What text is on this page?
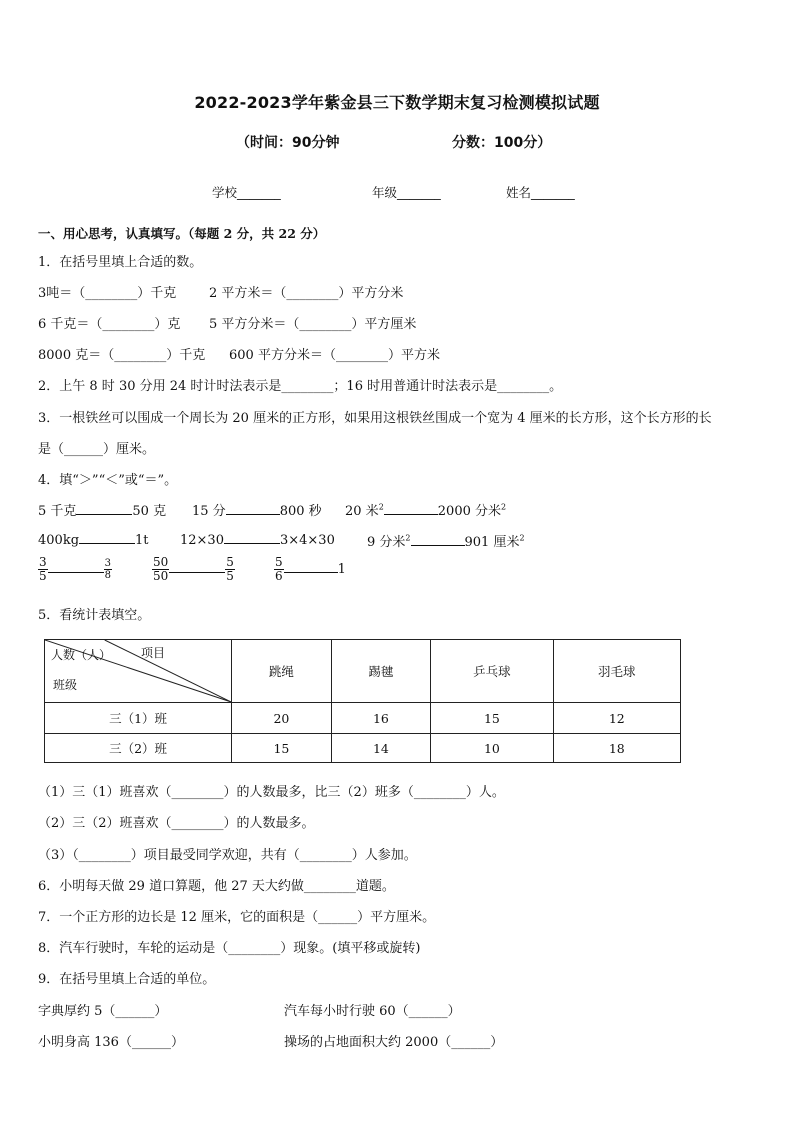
2022-2023学年紫金县三下数学期末复习检测模拟试题
（时间：90分钟	分数：100分）
学校_______	年级_______	姓名_______
一、用心思考，认真填写。（每题 2 分，共 22 分）
1．在括号里填上合适的数。
3吨＝（________）千克	2 平方米＝（________）平方分米
6 千克＝（________）克 5 平方分米＝（________）平方厘米
8000 克＝（________）千克 600 平方分米＝（________）平方米
2．上午 8 时 30 分用 24 时计时法表示是________；16 时用普通计时法表示是________。
3．一根铁丝可以围成一个周长为 20 厘米的正方形，如果用这根铁丝围成一个宽为 4 厘米的长方形，这个长方形的长
是（______）厘米。
4．填“＞”“＜”或“＝”。
5 千克	50 克 15 分	800 秒 20 米$^2$	2000 分米$^2$
400kg	1t 12×30	3×4×30 9 分米$^2$	901 厘米$^2$
$\frac{3}{5}$	$\frac{3}{8}$	$\frac{50}{50}$	$\frac{5}{5}$	$\frac{5}{6}$	1
5．看统计表填空。
人数（人） 项目
班级	跳绳	踢毽	乒乓球	羽毛球
三（1）班	20	16	15	12
三（2）班	15	14	10	18
（1）三（1）班喜欢（________）的人数最多，比三（2）班多（________）人。
（2）三（2）班喜欢（________）的人数最多。
（3）（________）项目最受同学欢迎，共有（________）人参加。
6．小明每天做 29 道口算题，他 27 天大约做________道题。
7．一个正方形的边长是 12 厘米，它的面积是（______）平方厘米。
8．汽车行驶时，车轮的运动是（________）现象。(填平移或旋转)
9．在括号里填上合适的单位。
字典厚约 5（______）	汽车每小时行驶 60（______）
小明身高 136（______）	操场的占地面积大约 2000（______）
